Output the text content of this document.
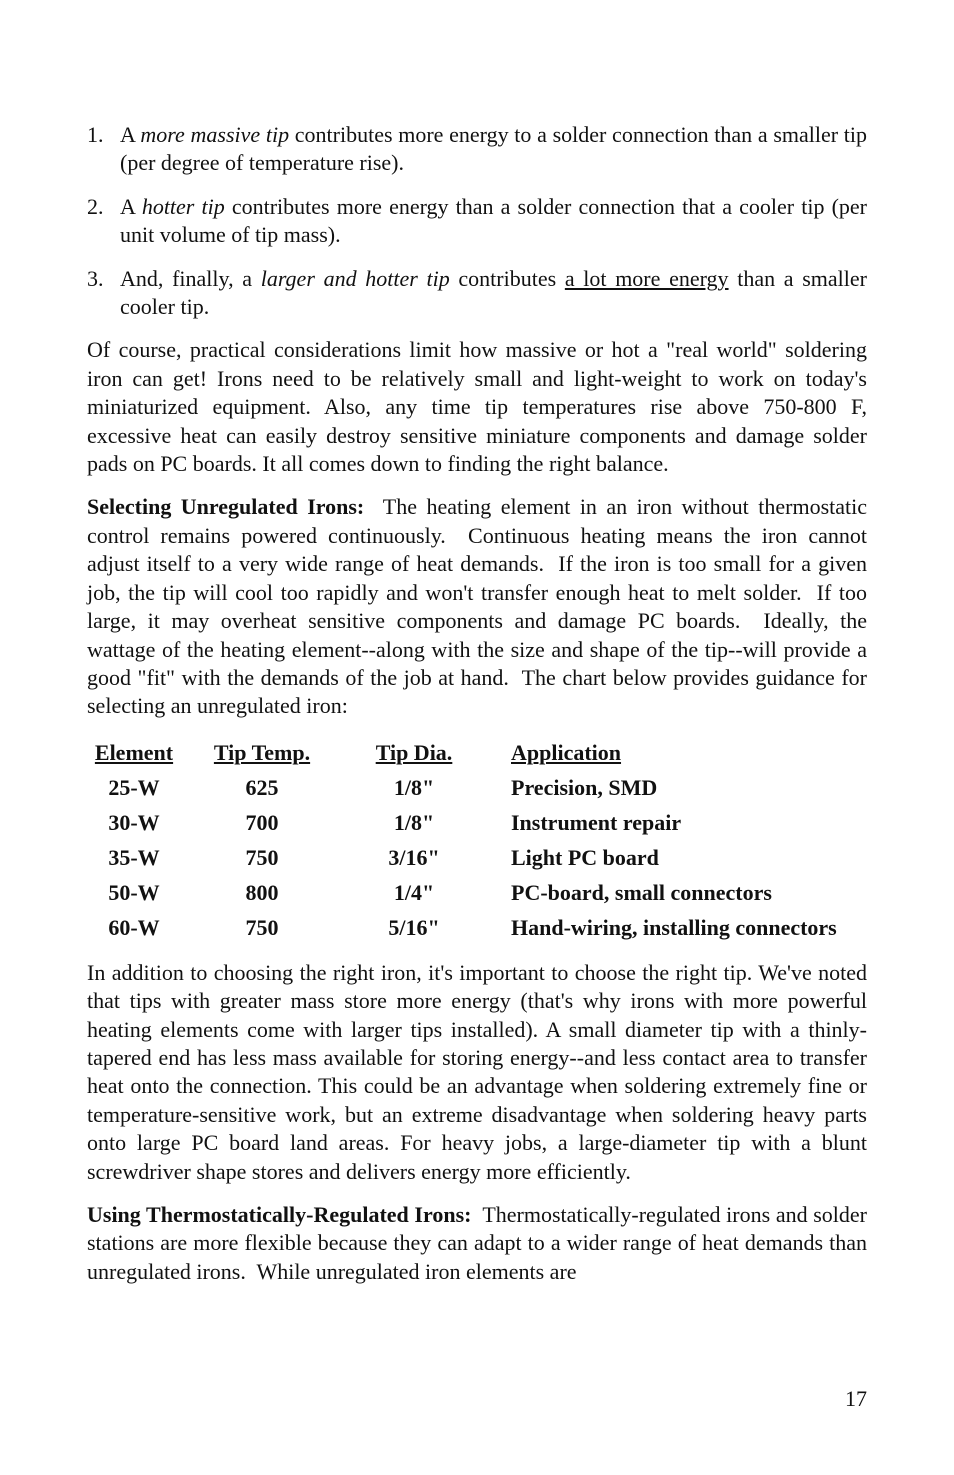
1. A more massive tip contributes more energy to a solder connection than a smaller tip (per degree of temperature rise).
2. A hotter tip contributes more energy than a solder connection that a cooler tip (per unit volume of tip mass).
3. And, finally, a larger and hotter tip contributes a lot more energy than a smaller cooler tip.

Of course, practical considerations limit how massive or hot a "real world" soldering iron can get! Irons need to be relatively small and light-weight to work on today's miniaturized equipment. Also, any time tip temperatures rise above 750-800 F, excessive heat can easily destroy sensitive miniature components and damage solder pads on PC boards. It all comes down to finding the right balance.

Selecting Unregulated Irons:  The heating element in an iron without thermostatic control remains powered continuously.  Continuous heating means the iron cannot adjust itself to a very wide range of heat demands.  If the iron is too small for a given job, the tip will cool too rapidly and won't transfer enough heat to melt solder.  If too large, it may overheat sensitive components and damage PC boards.  Ideally, the wattage of the heating element--along with the size and shape of the tip--will provide a good "fit" with the demands of the job at hand.  The chart below provides guidance for selecting an unregulated iron:

Element	Tip Temp.	Tip Dia.	Application
25-W	625	1/8"	Precision, SMD
30-W	700	1/8"	Instrument repair
35-W	750	3/16"	Light PC board
50-W	800	1/4"	PC-board, small connectors
60-W	750	5/16"	Hand-wiring, installing connectors

In addition to choosing the right iron, it's important to choose the right tip. We've noted that tips with greater mass store more energy (that's why irons with more powerful heating elements come with larger tips installed). A small diameter tip with a thinly-tapered end has less mass available for storing energy--and less contact area to transfer heat onto the connection. This could be an advantage when soldering extremely fine or temperature-sensitive work, but an extreme disadvantage when soldering heavy parts onto large PC board land areas. For heavy jobs, a large-diameter tip with a blunt screwdriver shape stores and delivers energy more efficiently.

Using Thermostatically-Regulated Irons:  Thermostatically-regulated irons and solder stations are more flexible because they can adapt to a wider range of heat demands than unregulated irons.  While unregulated iron elements are

17
